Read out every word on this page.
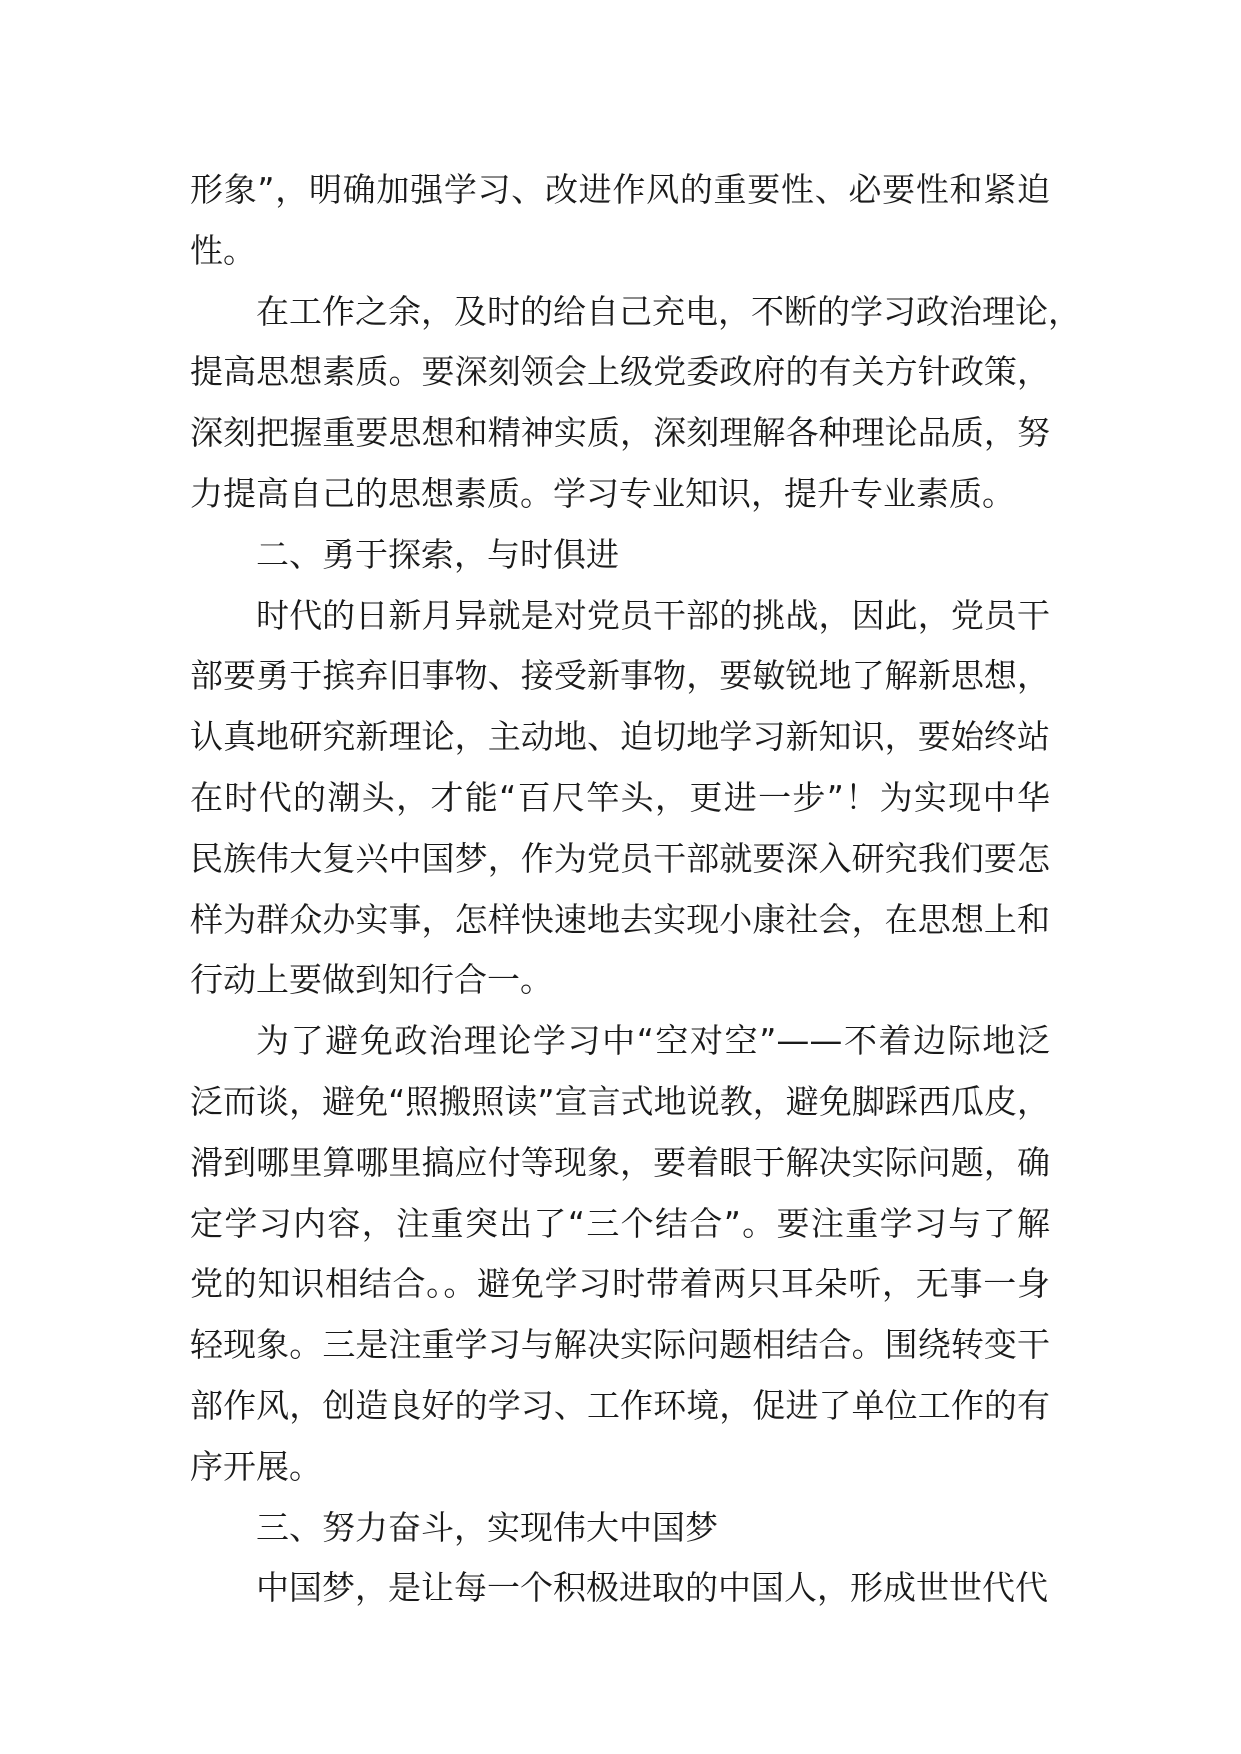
形象”，明确加强学习、改进作风的重要性、必要性和紧迫
性。

在工作之余，及时的给自己充电，不断的学习政治理论，
提高思想素质。要深刻领会上级党委政府的有关方针政策，
深刻把握重要思想和精神实质，深刻理解各种理论品质，努
力提高自己的思想素质。学习专业知识，提升专业素质。

二、勇于探索，与时俱进

时代的日新月异就是对党员干部的挑战，因此，党员干
部要勇于摈弃旧事物、接受新事物，要敏锐地了解新思想，
认真地研究新理论，主动地、迫切地学习新知识，要始终站
在时代的潮头，才能“百尺竿头，更进一步”！为实现中华
民族伟大复兴中国梦，作为党员干部就要深入研究我们要怎
样为群众办实事，怎样快速地去实现小康社会，在思想上和
行动上要做到知行合一。

为了避免政治理论学习中“空对空”——不着边际地泛
泛而谈，避免“照搬照读”宣言式地说教，避免脚踩西瓜皮，
滑到哪里算哪里搞应付等现象，要着眼于解决实际问题，确
定学习内容，注重突出了“三个结合”。要注重学习与了解
党的知识相结合。。避免学习时带着两只耳朵听，无事一身
轻现象。三是注重学习与解决实际问题相结合。围绕转变干
部作风，创造良好的学习、工作环境，促进了单位工作的有
序开展。

三、努力奋斗，实现伟大中国梦

中国梦，是让每一个积极进取的中国人，形成世世代代
